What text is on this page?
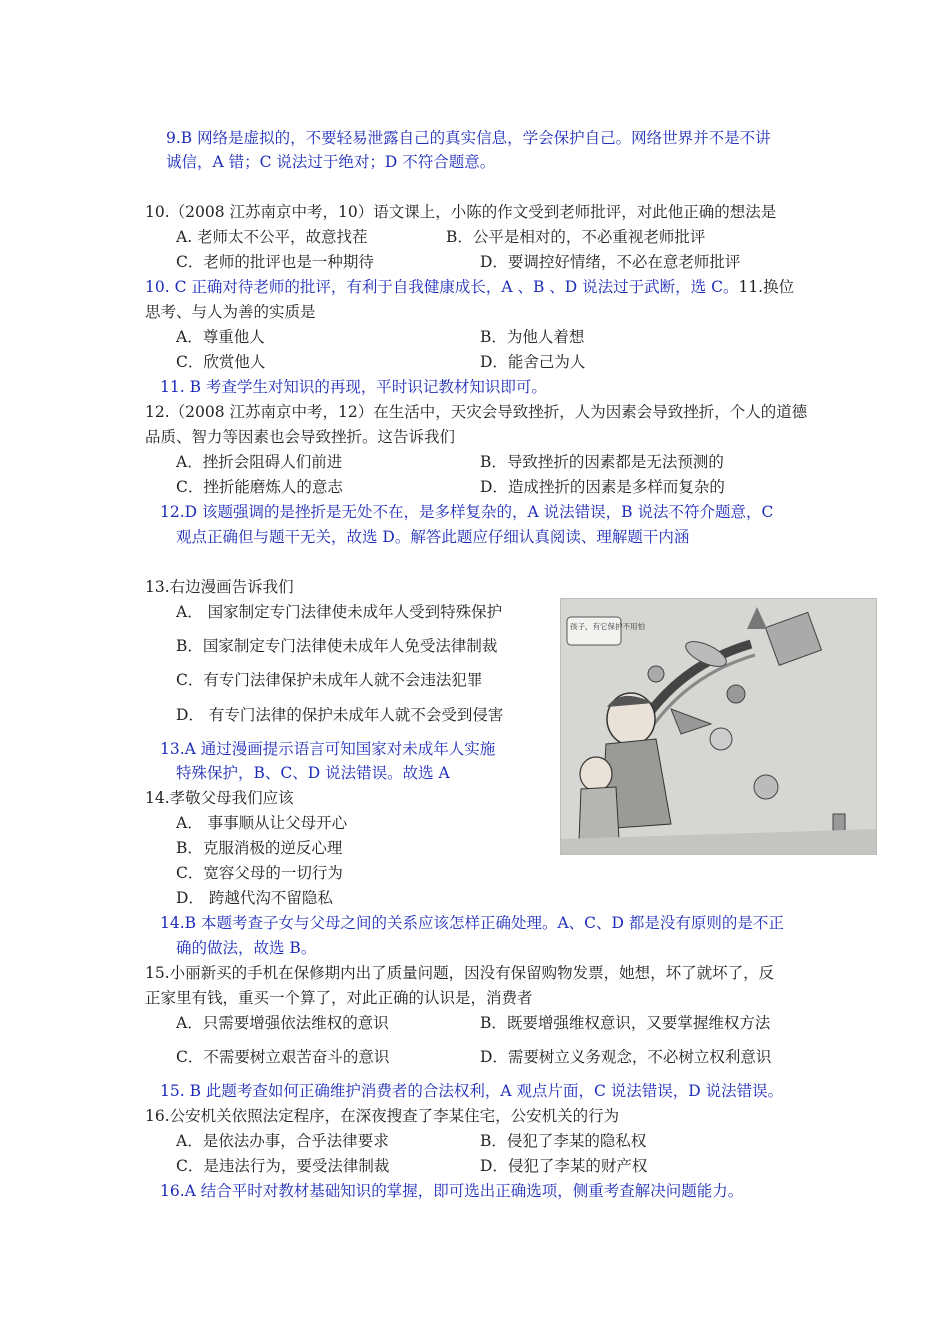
9.B 网络是虚拟的，不要轻易泄露自己的真实信息，学会保护自己。网络世界并不是不讲
诚信，A 错；C 说法过于绝对；D 不符合题意。
10.（2008 江苏南京中考，10）语文课上，小陈的作文受到老师批评，对此他正确的想法是
A. 老师太不公平，故意找茬	B．公平是相对的，不必重视老师批评
C．老师的批评也是一种期待	D．要调控好情绪，不必在意老师批评
10. C 正确对待老师的批评，有利于自我健康成长，A 、B 、D 说法过于武断，选 C。11.换位
思考、与人为善的实质是
A．尊重他人	B．为他人着想
C．欣赏他人	D．能舍己为人
11. B 考查学生对知识的再现，平时识记教材知识即可。
12.（2008 江苏南京中考，12）在生活中，天灾会导致挫折，人为因素会导致挫折，个人的道德
品质、智力等因素也会导致挫折。这告诉我们
A．挫折会阻碍人们前进	B．导致挫折的因素都是无法预测的
C．挫折能磨炼人的意志	D．造成挫折的因素是多样而复杂的
12.D 该题强调的是挫折是无处不在，是多样复杂的，A 说法错误，B 说法不符介题意，C
观点正确但与题干无关，故选 D。解答此题应仔细认真阅读、理解题干内涵
13.右边漫画告诉我们
A． 国家制定专门法律使未成年人受到特殊保护
B．国家制定专门法律使未成年人免受法律制裁
C．有专门法律保护未成年人就不会违法犯罪
D． 有专门法律的保护未成年人就不会受到侵害
13.A 通过漫画提示语言可知国家对未成年人实施
特殊保护，B、C、D 说法错误。故选 A
孩子，有它保护不用怕
14.孝敬父母我们应该
A． 事事顺从让父母开心
B．克服消极的逆反心理
C．宽容父母的一切行为
D． 跨越代沟不留隐私
14.B 本题考查子女与父母之间的关系应该怎样正确处理。A、C、D 都是没有原则的是不正
确的做法，故选 B。
15.小丽新买的手机在保修期内出了质量问题，因没有保留购物发票，她想，坏了就坏了，反
正家里有钱，重买一个算了，对此正确的认识是，消费者
A．只需要增强依法维权的意识	B．既要增强维权意识，又要掌握维权方法
C．不需要树立艰苦奋斗的意识	D．需要树立义务观念，不必树立权利意识
15. B 此题考查如何正确维护消费者的合法权利，A 观点片面，C 说法错误，D 说法错误。
16.公安机关依照法定程序，在深夜搜查了李某住宅，公安机关的行为
A．是依法办事，合乎法律要求	B．侵犯了李某的隐私权
C．是违法行为，要受法律制裁	D．侵犯了李某的财产权
16.A 结合平时对教材基础知识的掌握，即可选出正确选项，侧重考查解决问题能力。
